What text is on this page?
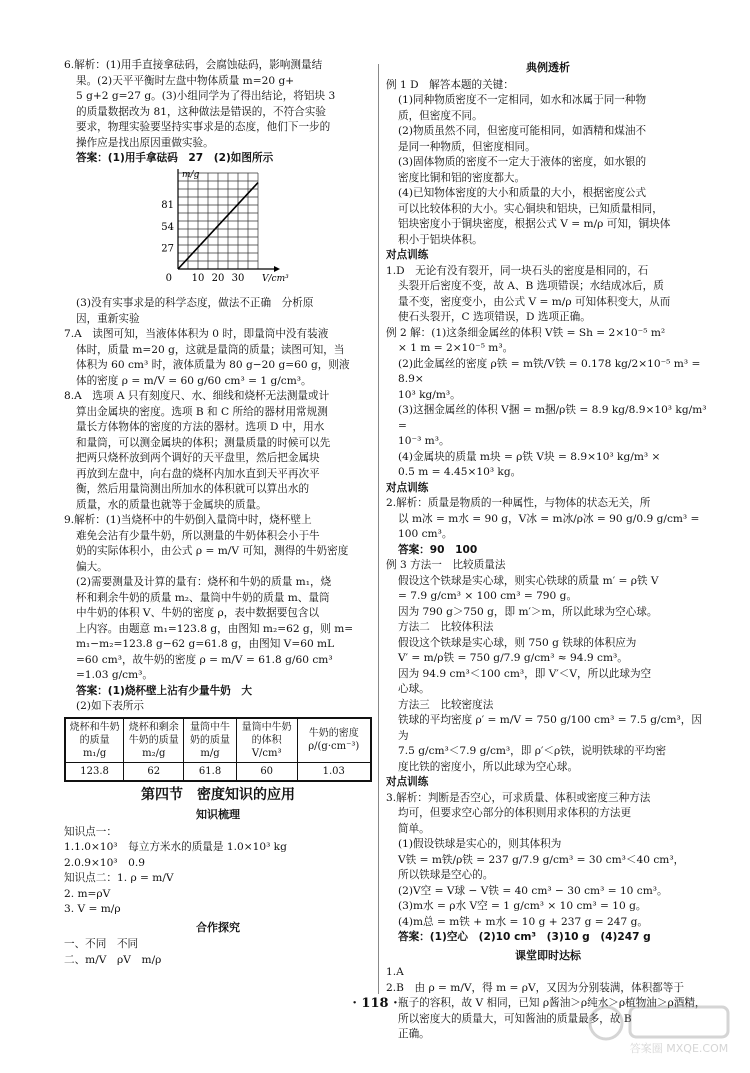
6.解析：(1)用手直接拿砝码，会腐蚀砝码，影响测量结

果。(2)天平平衡时左盘中物体质量 m=20 g+

5 g+2 g=27 g。(3)小组同学为了得出结论，将铝块 3

的质量数据改为 81，这种做法是错误的，不符合实验

要求，物理实验要坚持实事求是的态度，他们下一步的

操作应是找出原因重做实验。

答案：(1)用手拿砝码　27　(2)如图所示

10 20 30
27
54
81
0	V/cm³
m/g

(3)没有实事求是的科学态度，做法不正确　分析原

因，重新实验

7.A　读图可知，当液体体积为 0 时，即量筒中没有装液

体时，质量 m=20 g，这就是量筒的质量；读图可知，当

体积为 60 cm³ 时，液体质量为 80 g−20 g=60 g，则液

体的密度 ρ = m/V = 60 g/60 cm³ = 1 g/cm³。

8.A　选项 A 只有刻度尺、水、细线和烧杯无法测量或计

算出金属块的密度。选项 B 和 C 所给的器材用常规测

量长方体物体的密度的方法的器材。选项 D 中，用水

和量筒，可以测金属块的体积；测量质量的时候可以先

把两只烧杯放到两个调好的天平盘里，然后把金属块

再放到左盘中，向右盘的烧杯内加水直到天平再次平

衡，然后用量筒测出所加水的体积就可以算出水的

质量，水的质量也就等于金属块的质量。

9.解析：(1)当烧杯中的牛奶倒入量筒中时，烧杯壁上

难免会沾有少量牛奶，所以测量的牛奶体积会小于牛

奶的实际体积小，由公式 ρ = m/V 可知，测得的牛奶密度

偏大。

(2)需要测量及计算的量有：烧杯和牛奶的质量 m₁，烧

杯和剩余牛奶的质量 m₂、量筒中牛奶的质量 m、量筒

中牛奶的体积 V、牛奶的密度 ρ，表中数据要包含以

上内容。由题意 m₁=123.8 g，由图知 m₂=62 g，则 m=

m₁−m₂=123.8 g−62 g=61.8 g，由图知 V=60 mL

=60 cm³，故牛奶的密度 ρ = m/V = 61.8 g/60 cm³

=1.03 g/cm³。

答案：(1)烧杯壁上沾有少量牛奶　大

(2)如下表所示

烧杯和牛奶的质量 m₁/g	烧杯和剩余牛奶的质量 m₂/g	量筒中牛奶的质量 m/g	量筒中牛奶的体积 V/cm³	牛奶的密度 ρ/(g·cm⁻³)
123.8	62	61.8	60	1.03
第四节　密度知识的应用
知识梳理

知识点一：

1.1.0×10³　每立方米水的质量是 1.0×10³ kg

2.0.9×10³　0.9

知识点二：1. ρ = m/V

2. m=ρV

3. V = m/ρ

合作探究

一、不同　不同

二、m/V　ρV　m/ρ

典例透析

例 1 D　解答本题的关键：

(1)同种物质密度不一定相同，如水和冰属于同一种物

质，但密度不同。

(2)物质虽然不同，但密度可能相同，如酒精和煤油不

是同一种物质，但密度相同。

(3)固体物质的密度不一定大于液体的密度，如水银的

密度比铜和铝的密度都大。

(4)已知物体密度的大小和质量的大小，根据密度公式

可以比较体积的大小。实心铜块和铝块，已知质量相同，

铝块密度小于铜块密度，根据公式 V = m/ρ 可知，铜块体

积小于铝块体积。

对点训练

1.D　无论有没有裂开，同一块石头的密度是相同的，石

头裂开后密度不变，故 A、B 选项错误；水结成冰后，质

量不变，密度变小，由公式 V = m/ρ 可知体积变大，从而

使石头裂开，C 选项错误，D 选项正确。

例 2 解：(1)这条细金属丝的体积 V铁 = Sh = 2×10⁻⁵ m²

× 1 m = 2×10⁻⁵ m³。

(2)此金属丝的密度 ρ铁 = m铁/V铁 = 0.178 kg/2×10⁻⁵ m³ = 8.9×

10³ kg/m³。

(3)这捆金属丝的体积 V捆 = m捆/ρ铁 = 8.9 kg/8.9×10³ kg/m³ =

10⁻³ m³。

(4)金属块的质量 m块 = ρ铁 V块 = 8.9×10³ kg/m³ ×

0.5 m = 4.45×10³ kg。

对点训练

2.解析：质量是物质的一种属性，与物体的状态无关，所

以 m冰 = m水 = 90 g，V冰 = m冰/ρ冰 = 90 g/0.9 g/cm³ = 100 cm³。

答案：90　100

例 3 方法一　比较质量法

假设这个铁球是实心球，则实心铁球的质量 m′ = ρ铁 V

= 7.9 g/cm³ × 100 cm³ = 790 g。

因为 790 g＞750 g，即 m′＞m，所以此球为空心球。

方法二　比较体积法

假设这个铁球是实心球，则 750 g 铁球的体积应为

V′ = m/ρ铁 = 750 g/7.9 g/cm³ ≈ 94.9 cm³。

因为 94.9 cm³＜100 cm³，即 V′＜V，所以此球为空

心球。

方法三　比较密度法

铁球的平均密度 ρ′ = m/V = 750 g/100 cm³ = 7.5 g/cm³，因为

7.5 g/cm³＜7.9 g/cm³，即 ρ′＜ρ铁，说明铁球的平均密

度比铁的密度小，所以此球为空心球。

对点训练

3.解析：判断是否空心，可求质量、体积或密度三种方法

均可，但要求空心部分的体积则用求体积的方法更

简单。

(1)假设铁球是实心的，则其体积为

V铁 = m铁/ρ铁 = 237 g/7.9 g/cm³ = 30 cm³＜40 cm³，

所以铁球是空心的。

(2)V空 = V球 − V铁 = 40 cm³ − 30 cm³ = 10 cm³。

(3)m水 = ρ水 V空 = 1 g/cm³ × 10 cm³ = 10 g。

(4)m总 = m铁 + m水 = 10 g + 237 g = 247 g。

答案：(1)空心　(2)10 cm³　(3)10 g　(4)247 g

课堂即时达标

1.A

2.B　由 ρ = m/V，得 m = ρV，又因为分别装满，体积都等于

瓶子的容积，故 V 相同，已知 ρ酱油＞ρ纯水＞ρ植物油＞ρ酒精，

所以密度大的质量大，可知酱油的质量最多，故 B

正确。

· 118 ·
答案圈 MXQE.COM
